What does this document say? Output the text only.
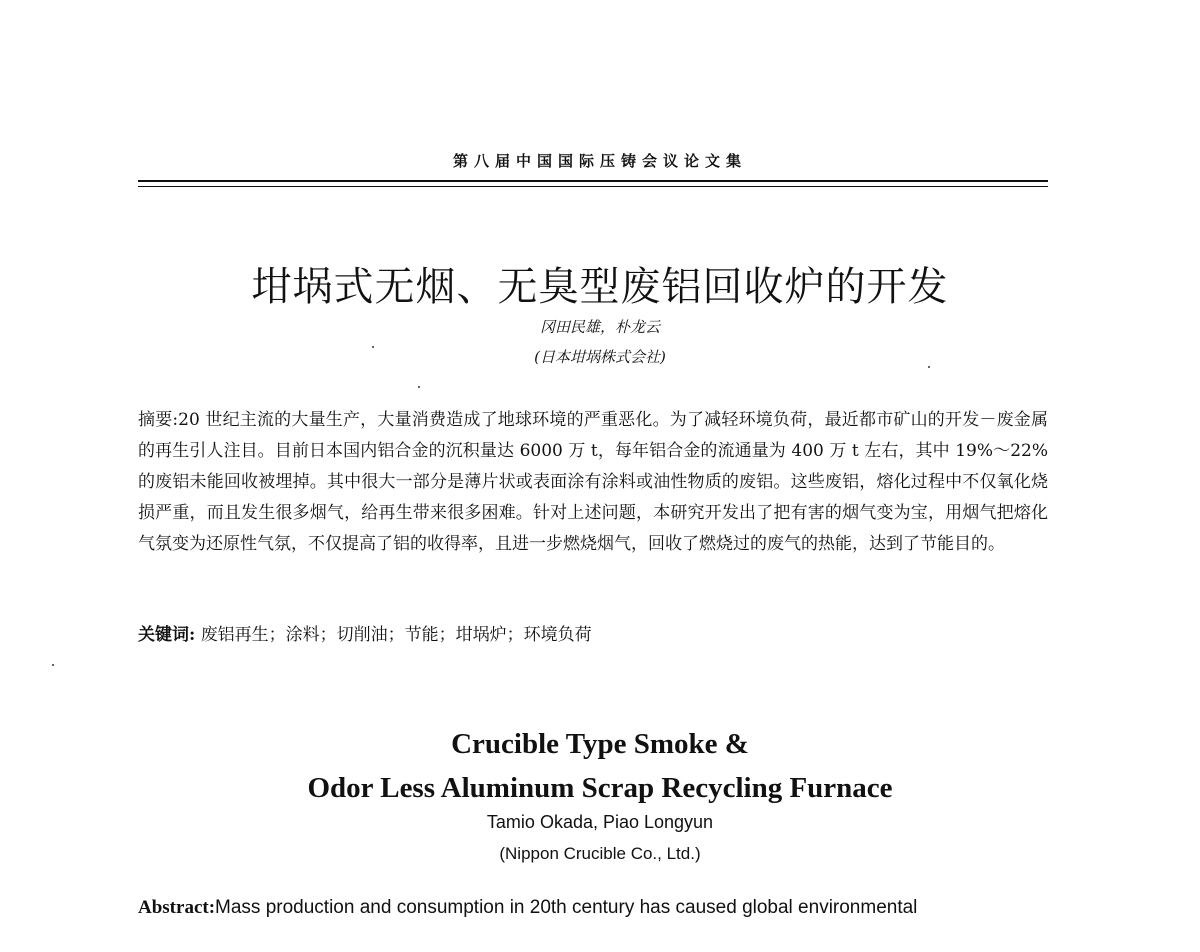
第八届中国国际压铸会议论文集
坩埚式无烟、无臭型废铝回收炉的开发
冈田民雄，朴龙云
(日本坩埚株式会社)
摘要:20 世纪主流的大量生产，大量消费造成了地球环境的严重恶化。为了减轻环境负荷，最近都市矿山的开发－废金属的再生引人注目。目前日本国内铝合金的沉积量达 6000 万 t，每年铝合金的流通量为 400 万 t 左右，其中 19%～22%的废铝未能回收被埋掉。其中很大一部分是薄片状或表面涂有涂料或油性物质的废铝。这些废铝，熔化过程中不仅氧化烧损严重，而且发生很多烟气，给再生带来很多困难。针对上述问题，本研究开发出了把有害的烟气变为宝，用烟气把熔化气氛变为还原性气氛，不仅提高了铝的收得率，且进一步燃烧烟气，回收了燃烧过的废气的热能，达到了节能目的。
关键词: 废铝再生；涂料；切削油；节能；坩埚炉；环境负荷
Crucible Type Smoke &
Odor Less Aluminum Scrap Recycling Furnace
Tamio Okada, Piao Longyun
(Nippon Crucible Co., Ltd.)
Abstract:Mass production and consumption in 20th century has caused global environmental
